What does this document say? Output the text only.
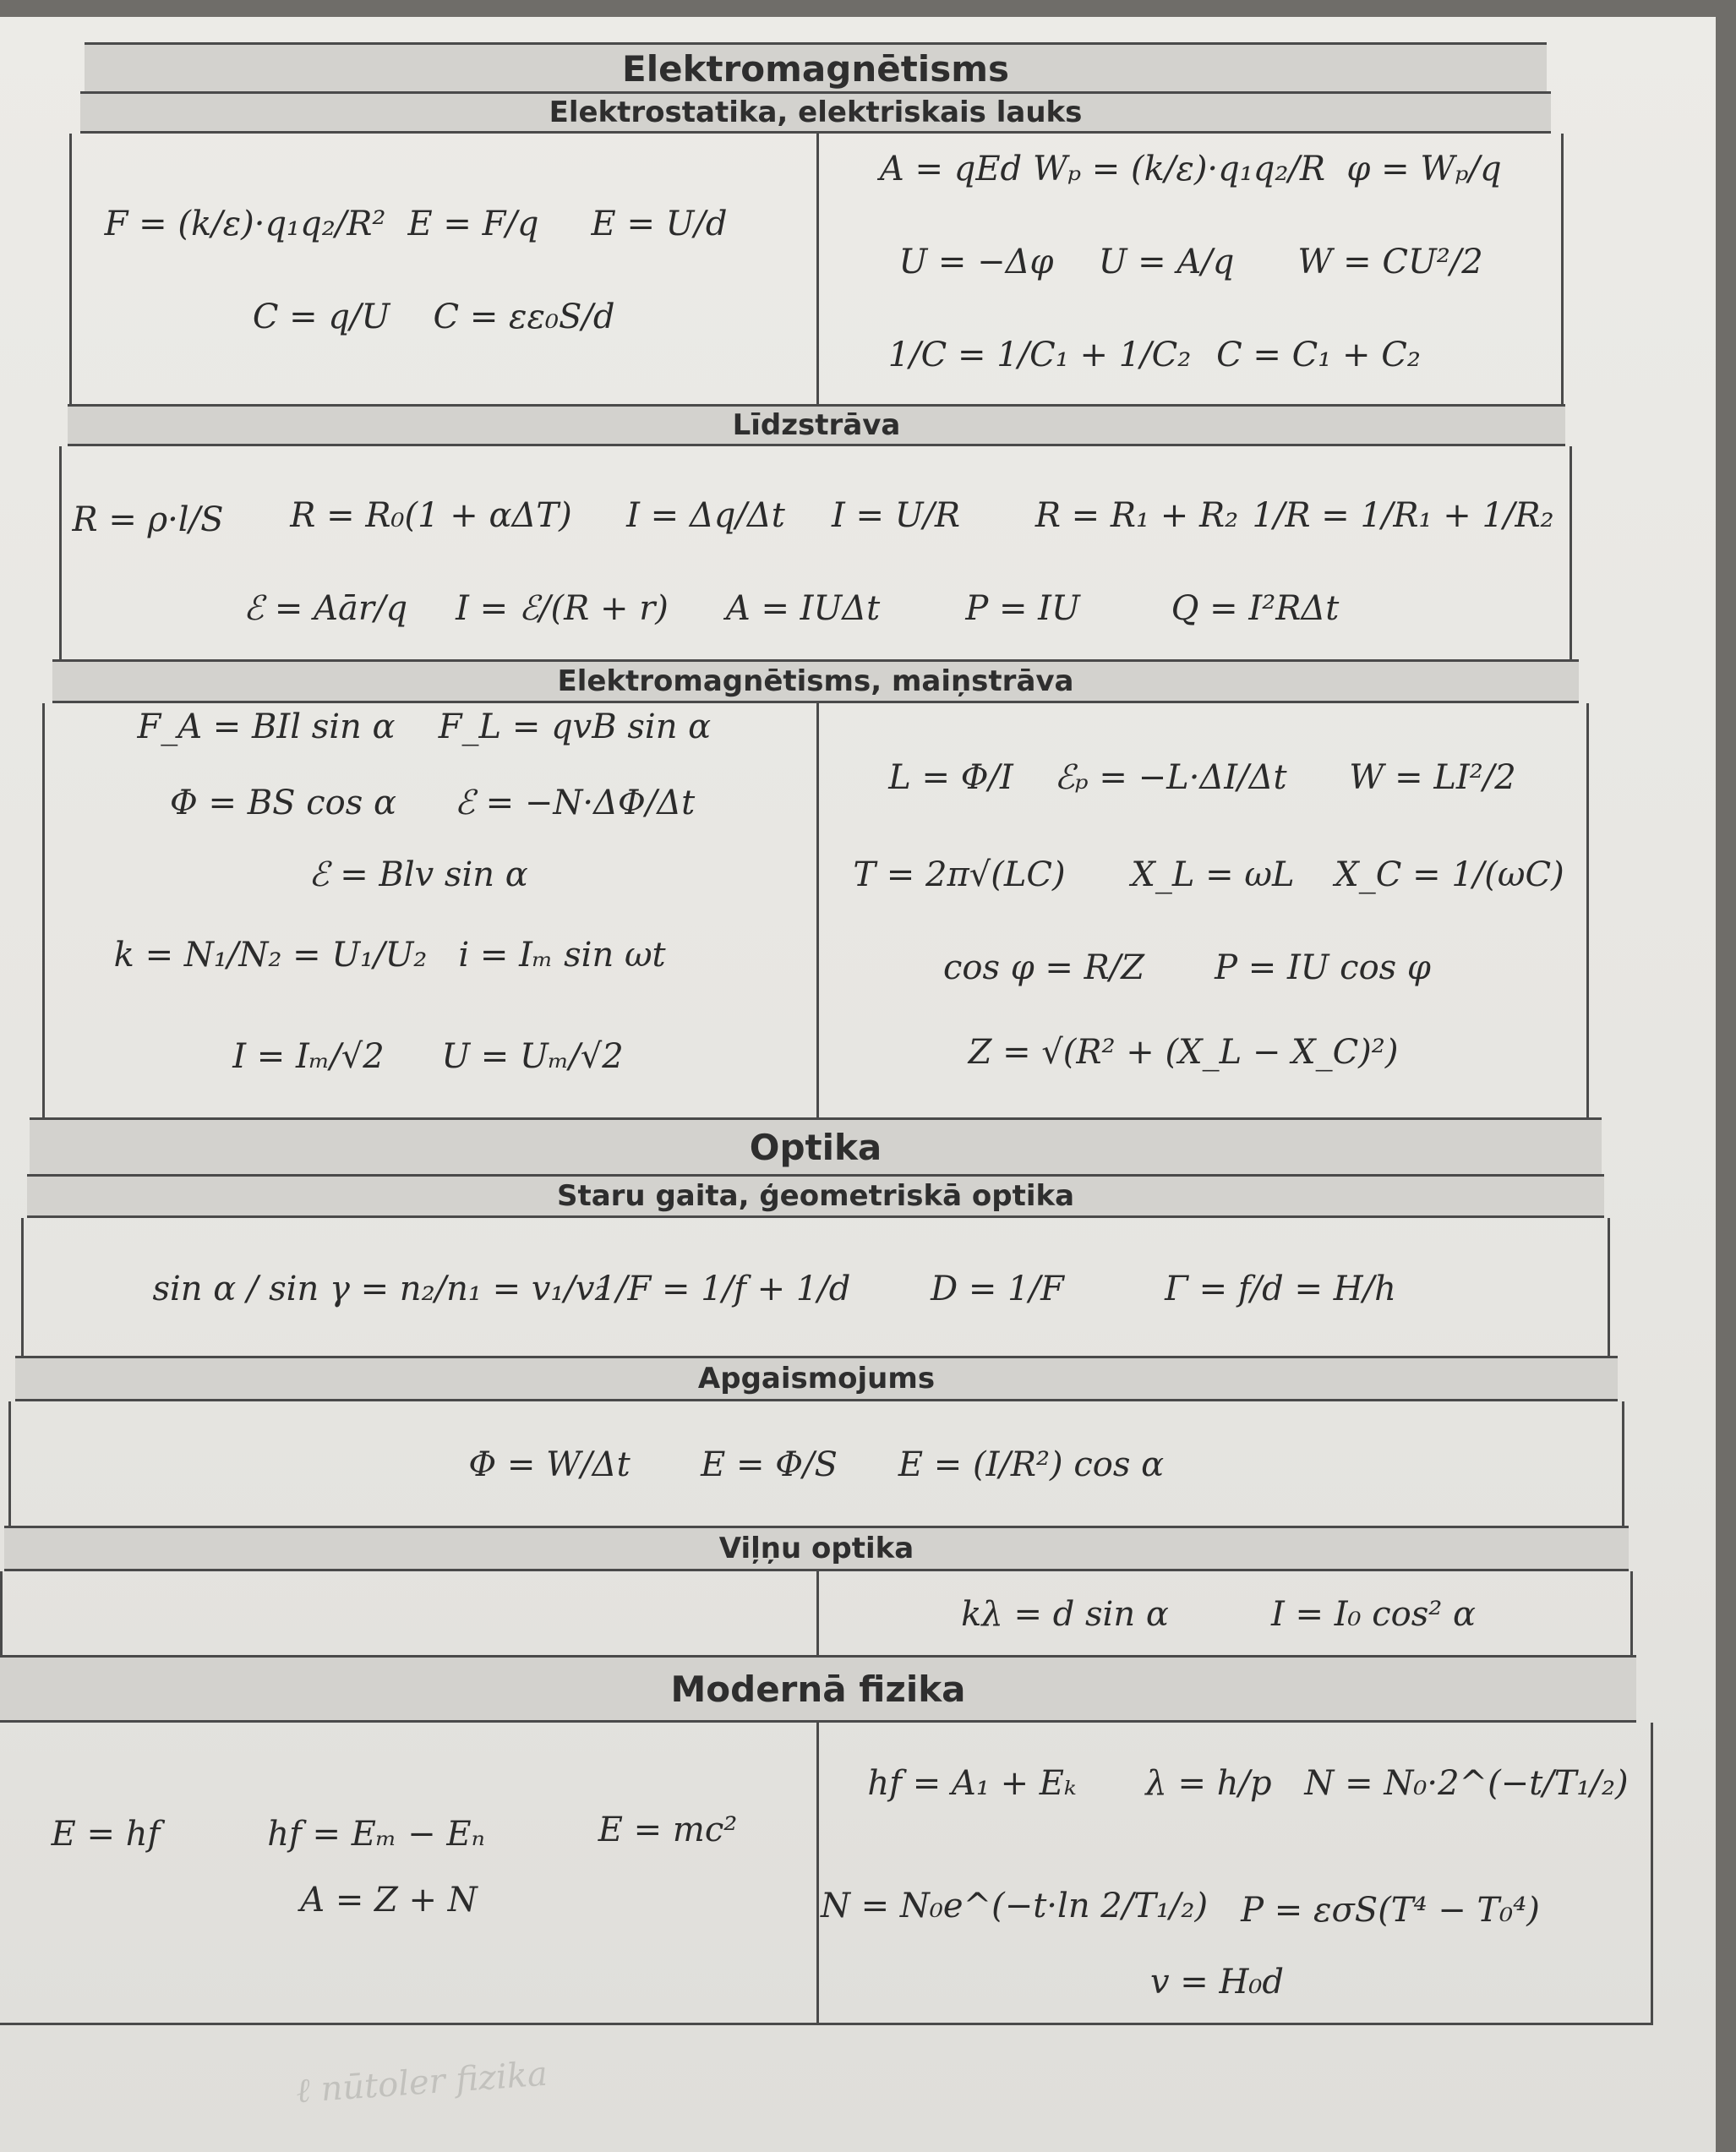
Elektromagnētisms
Elektrostatika, elektriskais lauks
F = (k/ε)·q₁q₂/R² E = F/q E = U/d
C = q/U C = εε₀S/d
A = qEd Wₚ = (k/ε)·q₁q₂/R φ = Wₚ/q
U = −Δφ U = A/q W = CU²/2
1/C = 1/C₁ + 1/C₂ C = C₁ + C₂
Līdzstrāva
R = ρ·l/S R = R₀(1 + αΔT) I = Δq/Δt I = U/R R = R₁ + R₂ 1/R = 1/R₁ + 1/R₂
ℰ = Aār/q I = ℰ/(R + r) A = IUΔt	P = IU	Q = I²RΔt
Elektromagnētisms, maiņstrāva
F_A = BIl sin α F_L = qvB sin α
Φ = BS cos α ℰ = −N·ΔΦ/Δt
ℰ = Blv sin α
k = N₁/N₂ = U₁/U₂ i = Iₘ sin ωt
I = Iₘ/√2 U = Uₘ/√2
L = Φ/I ℰₚ = −L·ΔI/Δt W = LI²/2
T = 2π√(LC) X_L = ωL X_C = 1/(ωC)
cos φ = R/Z P = IU cos φ
Z = √(R² + (X_L − X_C)²)
Optika
Staru gaita, ģeometriskā optika
sin α / sin γ = n₂/n₁ = v₁/v₂
1/F = 1/f + 1/d D = 1/F	Γ = f/d = H/h
Apgaismojums
Φ = W/Δt E = Φ/S E = (I/R²) cos α
Viļņu optika
kλ = d sin α	I = I₀ cos² α
Modernā fizika
E = hf	hf = Eₘ − Eₙ	E = mc²
A = Z + N
hf = A₁ + Eₖ λ = h/p N = N₀·2^(−t/T₁/₂)
N = N₀e^(−t·ln 2/T₁/₂) P = εσS(T⁴ − T₀⁴)
v = H₀d
ℓ nūtoler fizika
